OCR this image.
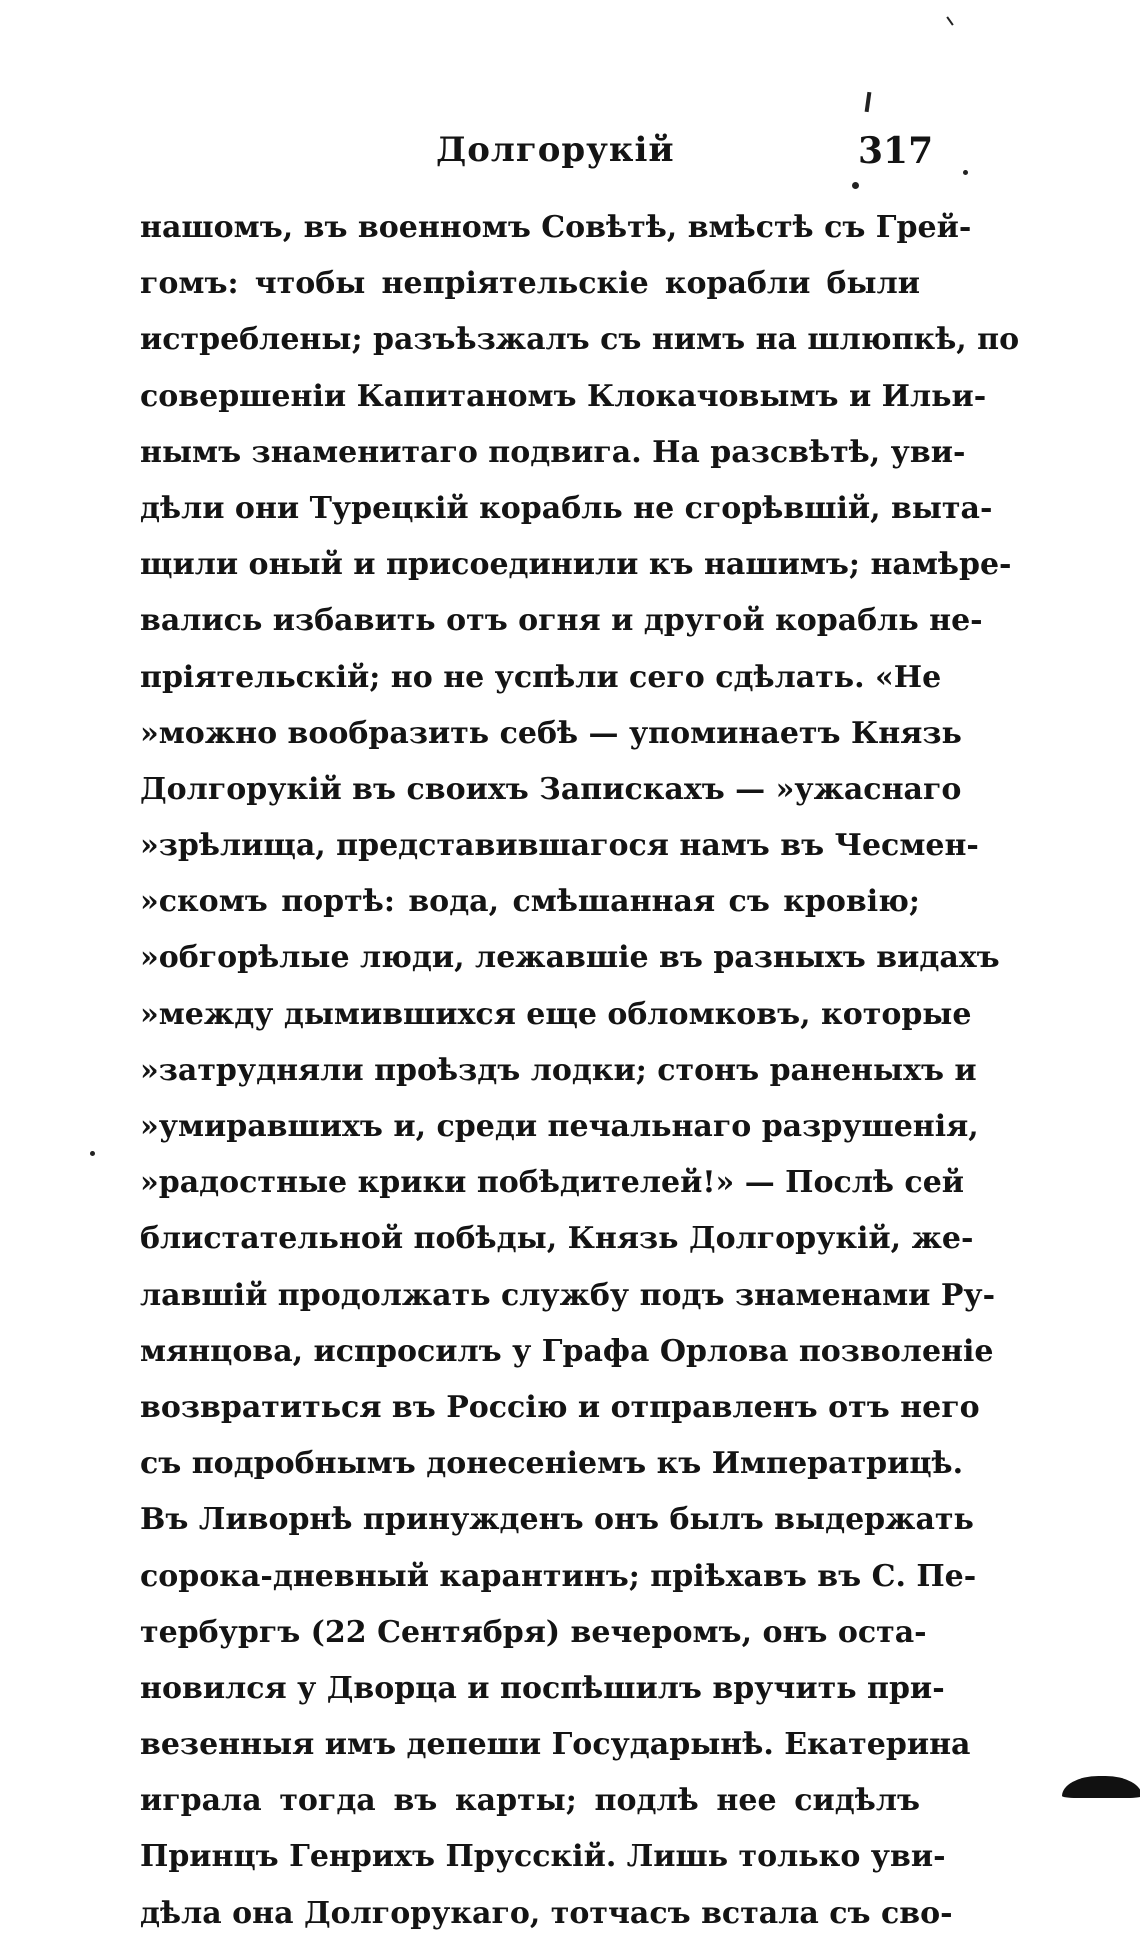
Долгорукій	317
нашомъ, въ военномъ Совѣтѣ, вмѣстѣ съ Грей-
гомъ: чтобы непріятельскіе корабли были
истреблены; разъѣзжалъ съ нимъ на шлюпкѣ, по
совершеніи Капитаномъ Клокачовымъ и Ильи-
нымъ знаменитаго подвига. На разсвѣтѣ, уви-
дѣли они Турецкій корабль не сгорѣвшій, выта-
щили оный и присоединили къ нашимъ; намѣре-
вались избавить отъ огня и другой корабль не-
пріятельскій; но не успѣли сего сдѣлать. «Не
»можно вообразить себѣ — упоминаетъ Князь
Долгорукій въ своихъ Запискахъ — »ужаснаго
»зрѣлища, представившагося намъ въ Чесмен-
»скомъ портѣ: вода, смѣшанная съ кровію;
»обгорѣлые люди, лежавшіе въ разныхъ видахъ
»между дымившихся еще обломковъ, которые
»затрудняли проѣздъ лодки; стонъ раненыхъ и
»умиравшихъ и, среди печальнаго разрушенія,
»радостные крики побѣдителей!» — Послѣ сей
блистательной побѣды, Князь Долгорукій, же-
лавшій продолжать службу подъ знаменами Ру-
мянцова, испросилъ у Графа Орлова позволеніе
возвратиться въ Россію и отправленъ отъ него
съ подробнымъ донесеніемъ къ Императрицѣ.
Въ Ливорнѣ принужденъ онъ былъ выдержать
сорока-дневный карантинъ; пріѣхавъ въ С. Пе-
тербургъ (22 Сентября) вечеромъ, онъ оста-
новился у Дворца и поспѣшилъ вручить при-
везенныя имъ депеши Государынѣ. Екатерина
играла тогда въ карты; подлѣ нее сидѣлъ
Принцъ Генрихъ Прусскій. Лишь только уви-
дѣла она Долгорукаго, тотчасъ встала съ сво-
